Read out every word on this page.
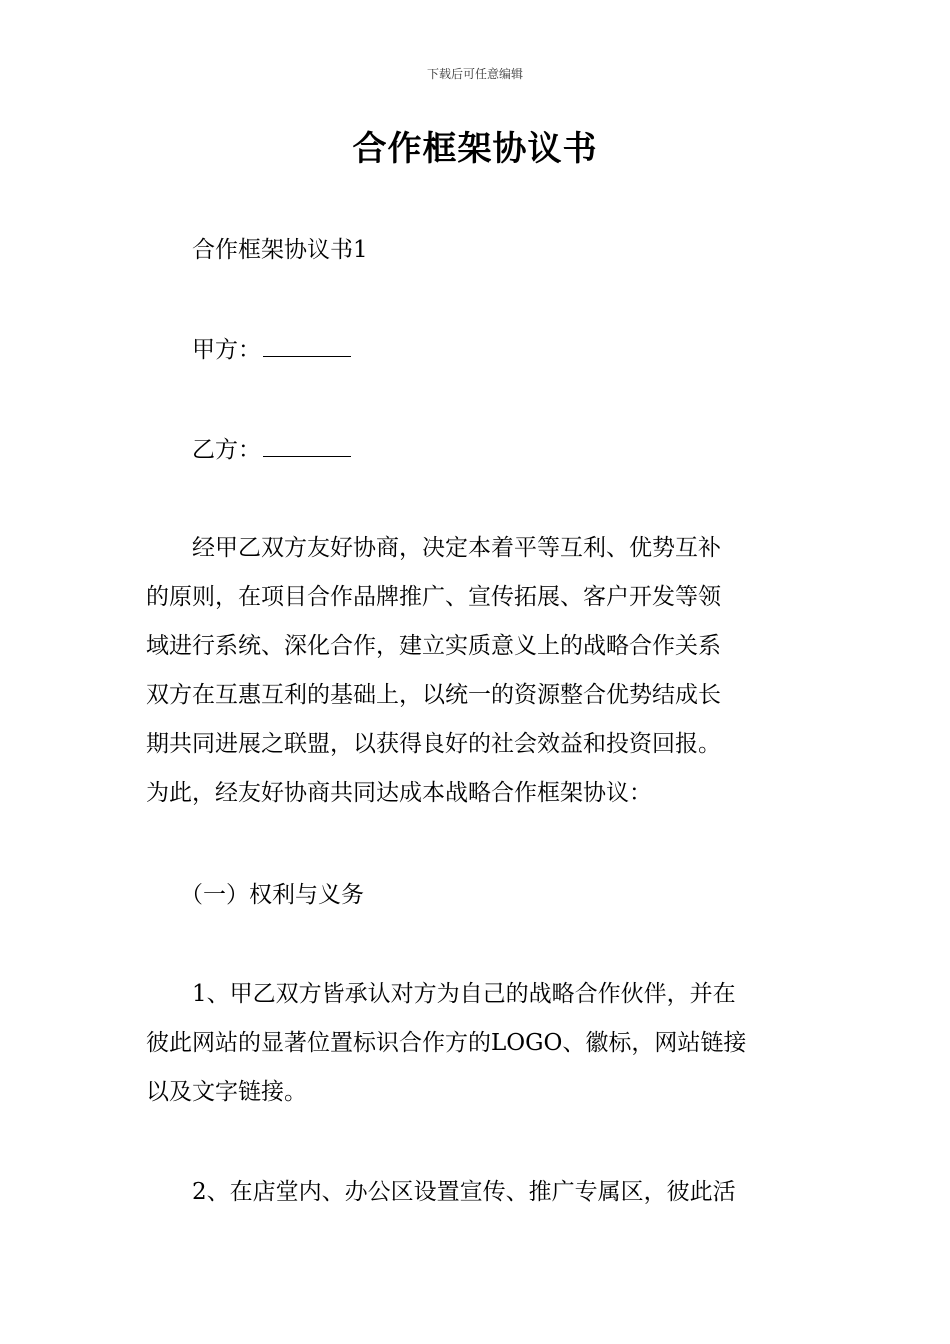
下载后可任意编辑
合作框架协议书

合作框架协议书1

甲方：

乙方：

经甲乙双方友好协商，决定本着平等互利、优势互补
的原则，在项目合作品牌推广、宣传拓展、客户开发等领
域进行系统、深化合作，建立实质意义上的战略合作关系
双方在互惠互利的基础上，以统一的资源整合优势结成长
期共同进展之联盟，以获得良好的社会效益和投资回报。
为此，经友好协商共同达成本战略合作框架协议：

（一）权利与义务

1、甲乙双方皆承认对方为自己的战略合作伙伴，并在
彼此网站的显著位置标识合作方的LOGO、徽标，网站链接
以及文字链接。

2、在店堂内、办公区设置宣传、推广专属区，彼此活
